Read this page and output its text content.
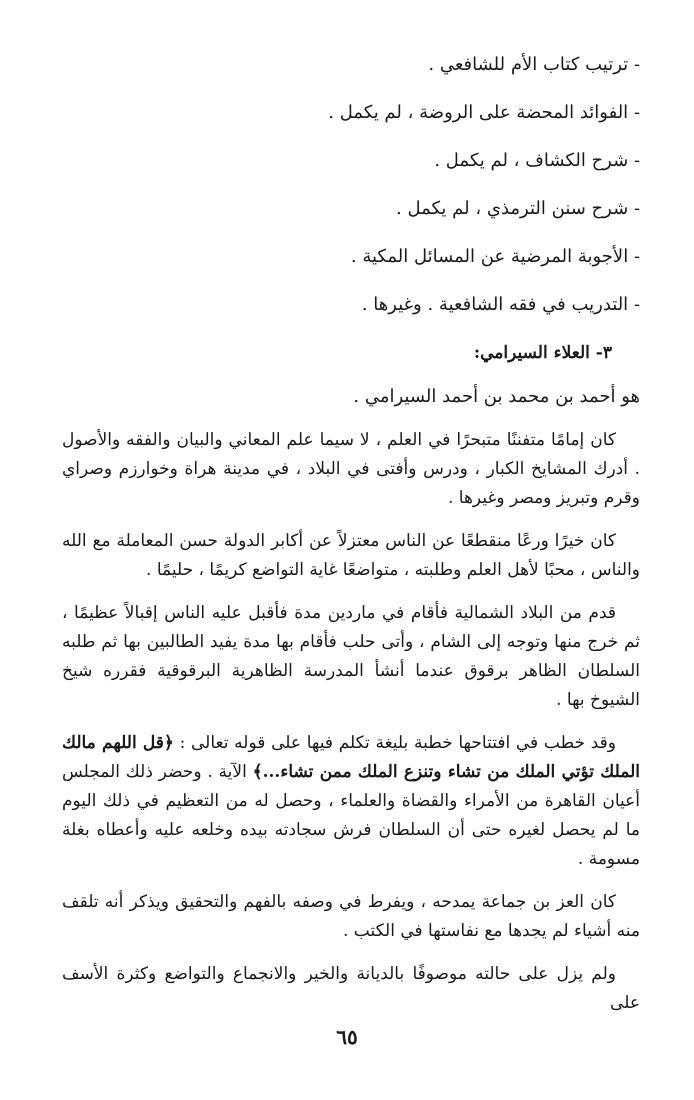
- ترتيب كتاب الأم للشافعي .

- الفوائد المحضة على الروضة ، لم يكمل .

- شرح الكشاف ، لم يكمل .

- شرح سنن الترمذي ، لم يكمل .

- الأجوبة المرضية عن المسائل المكية .

- التدريب في فقه الشافعية . وغيرها .

٣- العلاء السيرامي:

هو أحمد بن محمد بن أحمد السيرامي .

كان إمامًا متفننًا متبحرًا في العلم ، لا سيما علم المعاني والبيان والفقه والأصول . أدرك المشايخ الكبار ، ودرس وأفتى في البلاد ، في مدينة هراة وخوارزم وصراي وقرم وتبريز ومصر وغيرها .

كان خيرًا ورعًا منقطعًا عن الناس معتزلاً عن أكابر الدولة حسن المعاملة مع الله والناس ، محبًا لأهل العلم وطلبته ، متواضعًا غاية التواضع كريمًا ، حليمًا .

قدم من البلاد الشمالية فأقام في ماردين مدة فأقبل عليه الناس إقبالاً عظيمًا ، ثم خرج منها وتوجه إلى الشام ، وأتى حلب فأقام بها مدة يفيد الطالبين بها ثم طلبه السلطان الظاهر برقوق عندما أنشأ المدرسة الظاهرية البرقوقية فقرره شيخ الشيوخ بها .

وقد خطب في افتتاحها خطبة بليغة تكلم فيها على قوله تعالى : ﴿قل اللهم مالك الملك تؤتي الملك من تشاء وتنزع الملك ممن تشاء...﴾ الآية . وحضر ذلك المجلس أعيان القاهرة من الأمراء والقضاة والعلماء ، وحصل له من التعظيم في ذلك اليوم ما لم يحصل لغيره حتى أن السلطان فرش سجادته بيده وخلعه عليه وأعطاه بغلة مسومة .

كان العز بن جماعة يمدحه ، ويفرط في وصفه بالفهم والتحقيق ويذكر أنه تلقف منه أشياء لم يجدها مع نفاستها في الكتب .

ولم يزل على حالته موصوفًا بالديانة والخير والانجماع والتواضع وكثرة الأسف على

٦٥
